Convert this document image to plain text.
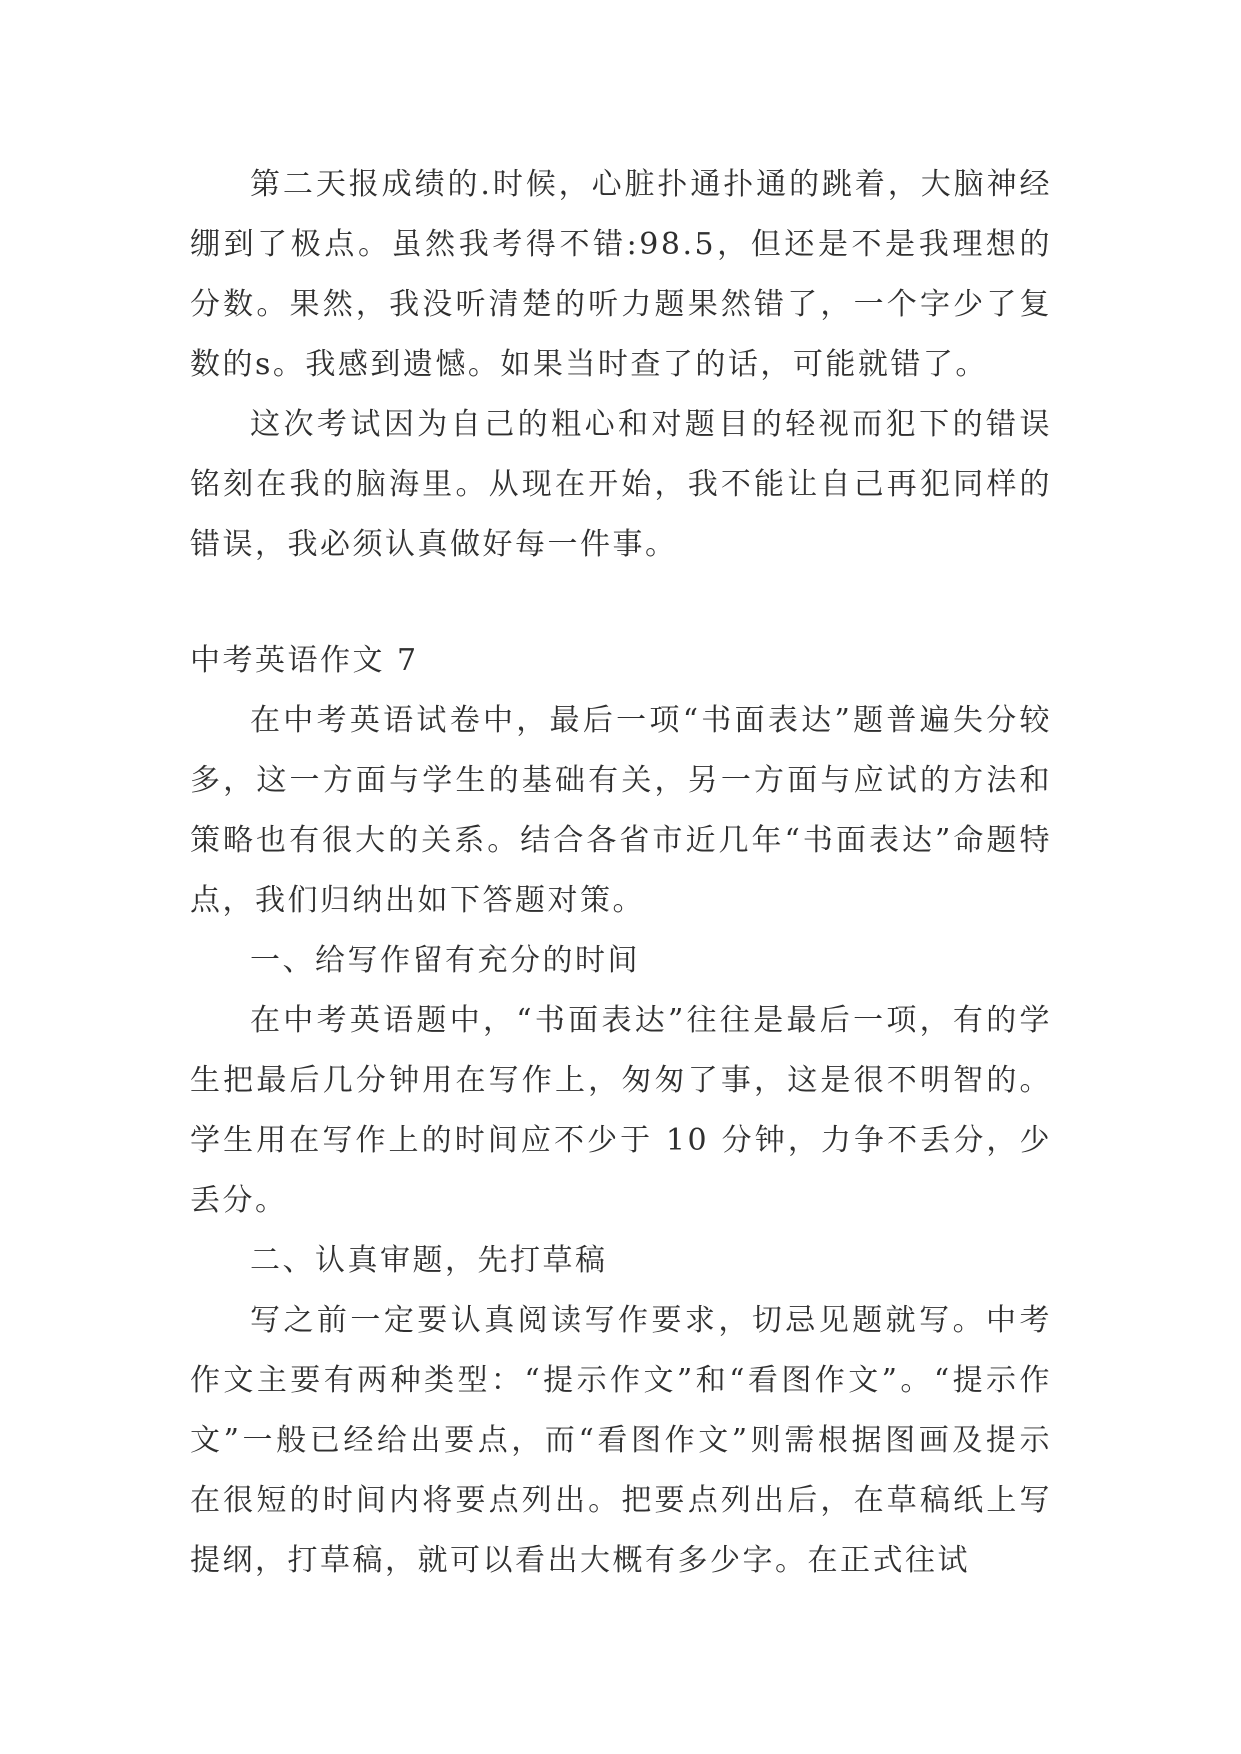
第二天报成绩的.时候，心脏扑通扑通的跳着，大脑神经绷到了极点。虽然我考得不错:98.5，但还是不是我理想的分数。果然，我没听清楚的听力题果然错了，一个字少了复数的s。我感到遗憾。如果当时查了的话，可能就错了。

这次考试因为自己的粗心和对题目的轻视而犯下的错误铭刻在我的脑海里。从现在开始，我不能让自己再犯同样的错误，我必须认真做好每一件事。

中考英语作文 7

在中考英语试卷中，最后一项“书面表达”题普遍失分较多，这一方面与学生的基础有关，另一方面与应试的方法和策略也有很大的关系。结合各省市近几年“书面表达”命题特点，我们归纳出如下答题对策。

一、给写作留有充分的时间

在中考英语题中，“书面表达”往往是最后一项，有的学生把最后几分钟用在写作上，匆匆了事，这是很不明智的。学生用在写作上的时间应不少于 10 分钟，力争不丢分，少丢分。

二、认真审题，先打草稿

写之前一定要认真阅读写作要求，切忌见题就写。中考作文主要有两种类型：“提示作文”和“看图作文”。“提示作文”一般已经给出要点，而“看图作文”则需根据图画及提示在很短的时间内将要点列出。把要点列出后，在草稿纸上写提纲，打草稿，就可以看出大概有多少字。在正式往试
